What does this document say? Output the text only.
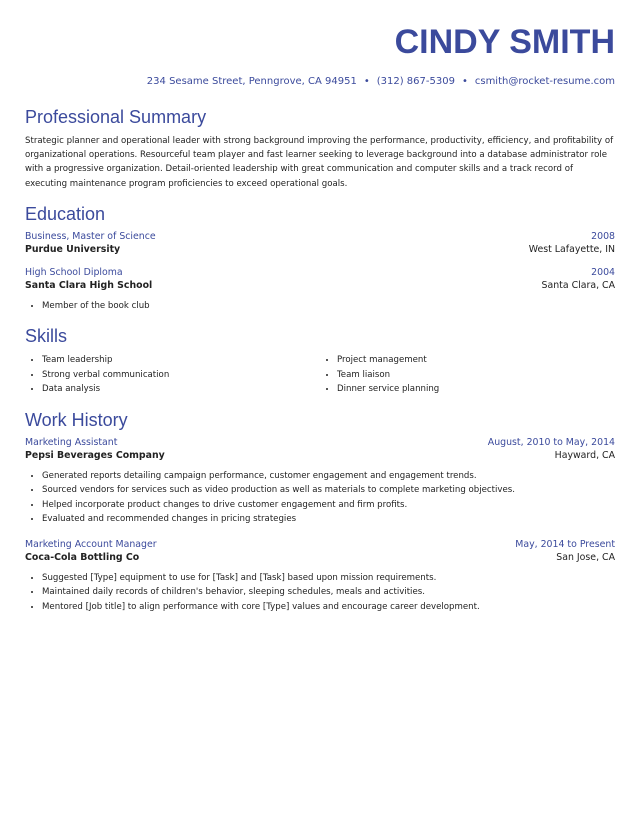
CINDY SMITH
234 Sesame Street, Penngrove, CA 94951 • (312) 867-5309 • csmith@rocket-resume.com
Professional Summary
Strategic planner and operational leader with strong background improving the performance, productivity, efficiency, and profitability of organizational operations. Resourceful team player and fast learner seeking to leverage background into a database administrator role with a progressive organization. Detail-oriented leadership with great communication and computer skills and a track record of executing maintenance program proficiencies to exceed operational goals.
Education
Business, Master of Science	2008
Purdue University	West Lafayette, IN
High School Diploma	2004
Santa Clara High School	Santa Clara, CA
• Member of the book club
Skills
• Team leadership
• Strong verbal communication
• Data analysis
• Project management
• Team liaison
• Dinner service planning
Work History
Marketing Assistant	August, 2010 to May, 2014
Pepsi Beverages Company	Hayward, CA
• Generated reports detailing campaign performance, customer engagement and engagement trends.
• Sourced vendors for services such as video production as well as materials to complete marketing objectives.
• Helped incorporate product changes to drive customer engagement and firm profits.
• Evaluated and recommended changes in pricing strategies
Marketing Account Manager	May, 2014 to Present
Coca-Cola Bottling Co	San Jose, CA
• Suggested [Type] equipment to use for [Task] and [Task] based upon mission requirements.
• Maintained daily records of children's behavior, sleeping schedules, meals and activities.
• Mentored [Job title] to align performance with core [Type] values and encourage career development.
